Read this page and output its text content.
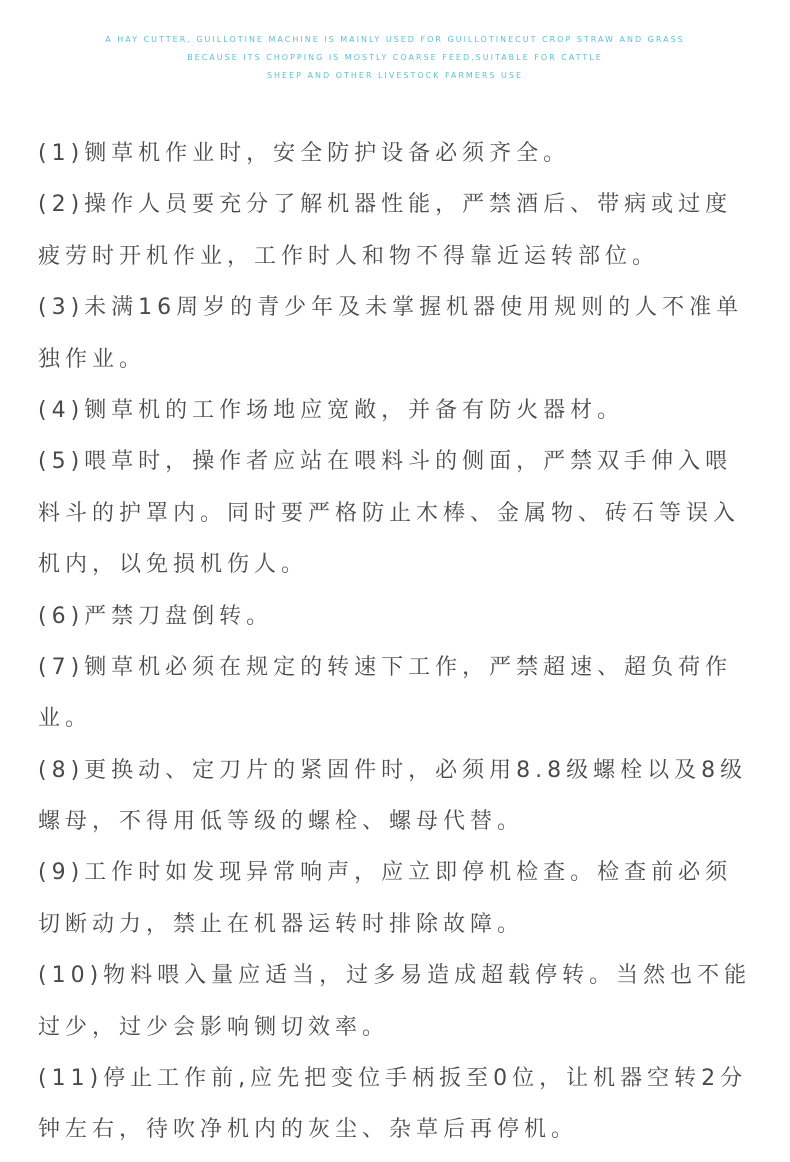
A HAY CUTTER, GUILLOTINE MACHINE IS MAINLY USED FOR GUILLOTINECUT CROP STRAW AND GRASS
BECAUSE ITS CHOPPING IS MOSTLY COARSE FEED,SUITABLE FOR CATTLE
SHEEP AND OTHER LIVESTOCK FARMERS USE
(1)铡草机作业时，安全防护设备必须齐全。
(2)操作人员要充分了解机器性能，严禁酒后、带病或过度
疲劳时开机作业，工作时人和物不得靠近运转部位。
(3)未满16周岁的青少年及未掌握机器使用规则的人不准单
独作业。
(4)铡草机的工作场地应宽敞，并备有防火器材。
(5)喂草时，操作者应站在喂料斗的侧面，严禁双手伸入喂
料斗的护罩内。同时要严格防止木棒、金属物、砖石等误入
机内，以免损机伤人。
(6)严禁刀盘倒转。
(7)铡草机必须在规定的转速下工作，严禁超速、超负荷作
业。
(8)更换动、定刀片的紧固件时，必须用8.8级螺栓以及8级
螺母，不得用低等级的螺栓、螺母代替。
(9)工作时如发现异常响声，应立即停机检查。检查前必须
切断动力，禁止在机器运转时排除故障。
(10)物料喂入量应适当，过多易造成超载停转。当然也不能
过少，过少会影响铡切效率。
(11)停止工作前,应先把变位手柄扳至0位，让机器空转2分
钟左右，待吹净机内的灰尘、杂草后再停机。
